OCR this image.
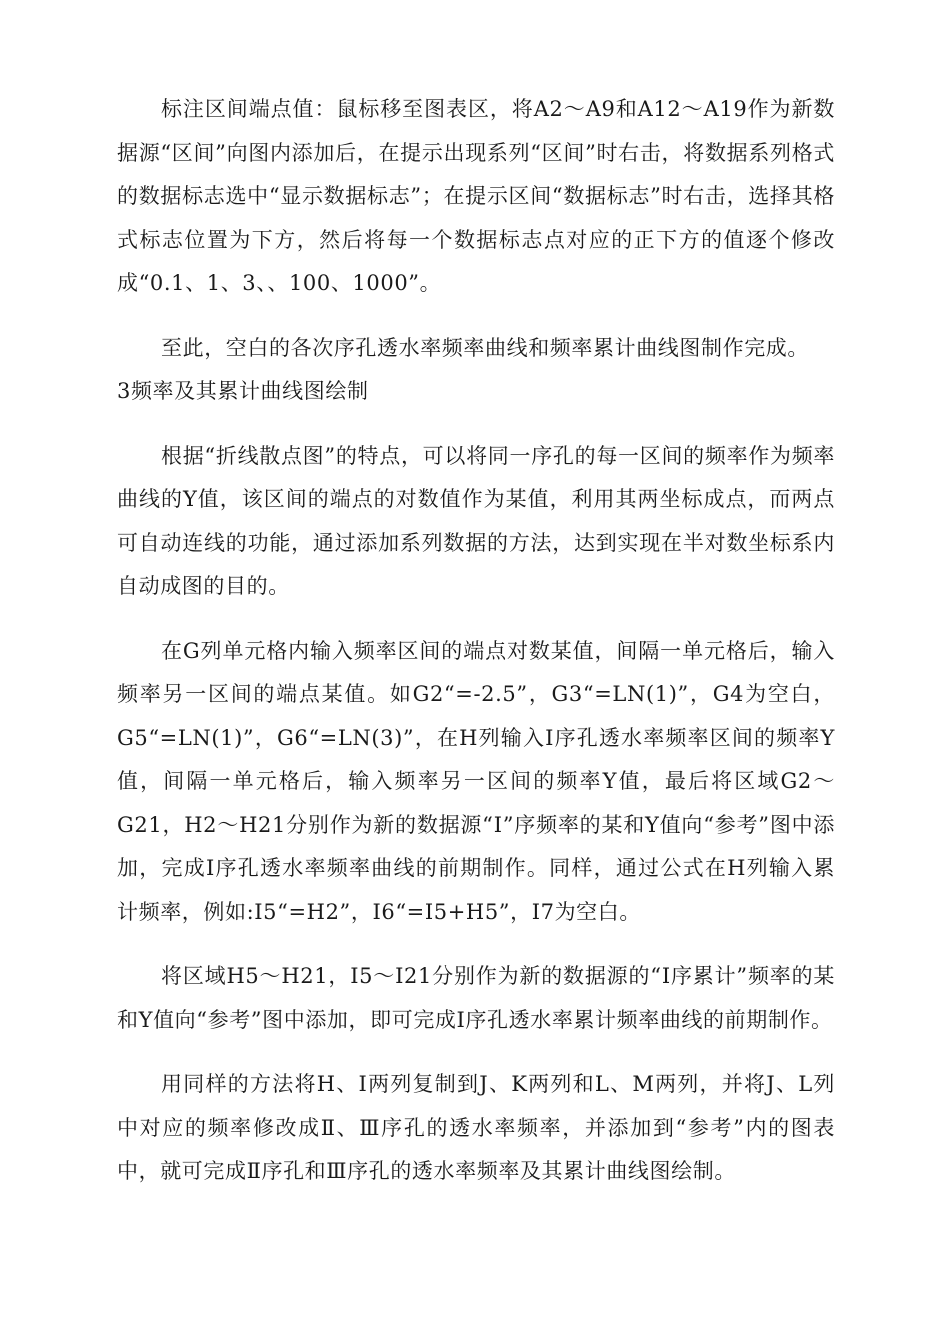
标注区间端点值：鼠标移至图表区，将A2～A9和A12～A19作为新数据源“区间”向图内添加后，在提示出现系列“区间”时右击，将数据系列格式的数据标志选中“显示数据标志”；在提示区间“数据标志”时右击，选择其格式标志位置为下方，然后将每一个数据标志点对应的正下方的值逐个修改成“0.1、1、3、、100、1000”。

至此，空白的各次序孔透水率频率曲线和频率累计曲线图制作完成。

3频率及其累计曲线图绘制

根据“折线散点图”的特点，可以将同一序孔的每一区间的频率作为频率曲线的Y值，该区间的端点的对数值作为某值，利用其两坐标成点，而两点可自动连线的功能，通过添加系列数据的方法，达到实现在半对数坐标系内自动成图的目的。

在G列单元格内输入频率区间的端点对数某值，间隔一单元格后，输入频率另一区间的端点某值。如G2“=-2.5”，G3“=LN(1)”，G4为空白，G5“=LN(1)”，G6“=LN(3)”，在H列输入Ⅰ序孔透水率频率区间的频率Y值，间隔一单元格后，输入频率另一区间的频率Y值，最后将区域G2～G21，H2～H21分别作为新的数据源“Ⅰ”序频率的某和Y值向“参考”图中添加，完成Ⅰ序孔透水率频率曲线的前期制作。同样，通过公式在H列输入累计频率，例如:I5“=H2”，I6“=I5+H5”，I7为空白。

将区域H5～H21，I5～I21分别作为新的数据源的“Ⅰ序累计”频率的某和Y值向“参考”图中添加，即可完成Ⅰ序孔透水率累计频率曲线的前期制作。

用同样的方法将H、I两列复制到J、K两列和L、M两列，并将J、L列中对应的频率修改成Ⅱ、Ⅲ序孔的透水率频率，并添加到“参考”内的图表中，就可完成Ⅱ序孔和Ⅲ序孔的透水率频率及其累计曲线图绘制。
